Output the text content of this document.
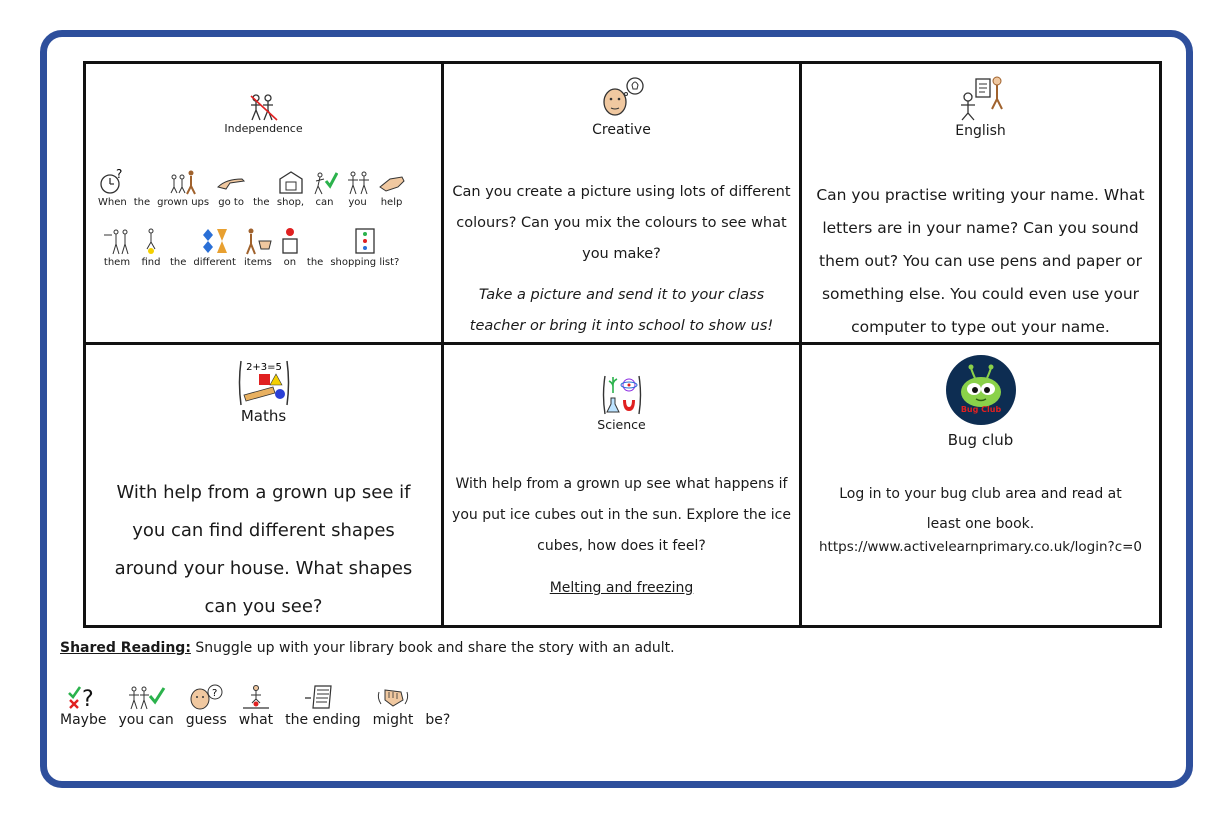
Independence
?
When the grown ups go to the shop, can you help
them find the different items on the shopping list?
Creative
Can you create a picture using lots of different colours? Can you mix the colours to see what you make?
Take a picture and send it to your class teacher or bring it into school to show us!
English
Can you practise writing your name. What letters are in your name? Can you sound them out? You can use pens and paper or something else. You could even use your computer to type out your name.
2+3=5
Maths
With help from a grown up see if you can find different shapes around your house. What shapes can you see?
Science
With help from a grown up see what happens if you put ice cubes out in the sun. Explore the ice cubes, how does it feel?
Melting and freezing
Bug Club
Bug club
Log in to your bug club area and read at least one book.
https://www.activelearnprimary.co.uk/login?c=0
Shared Reading: Snuggle up with your library book and share the story with an adult.
?
Maybe you can
?
guess what the ending might be?
